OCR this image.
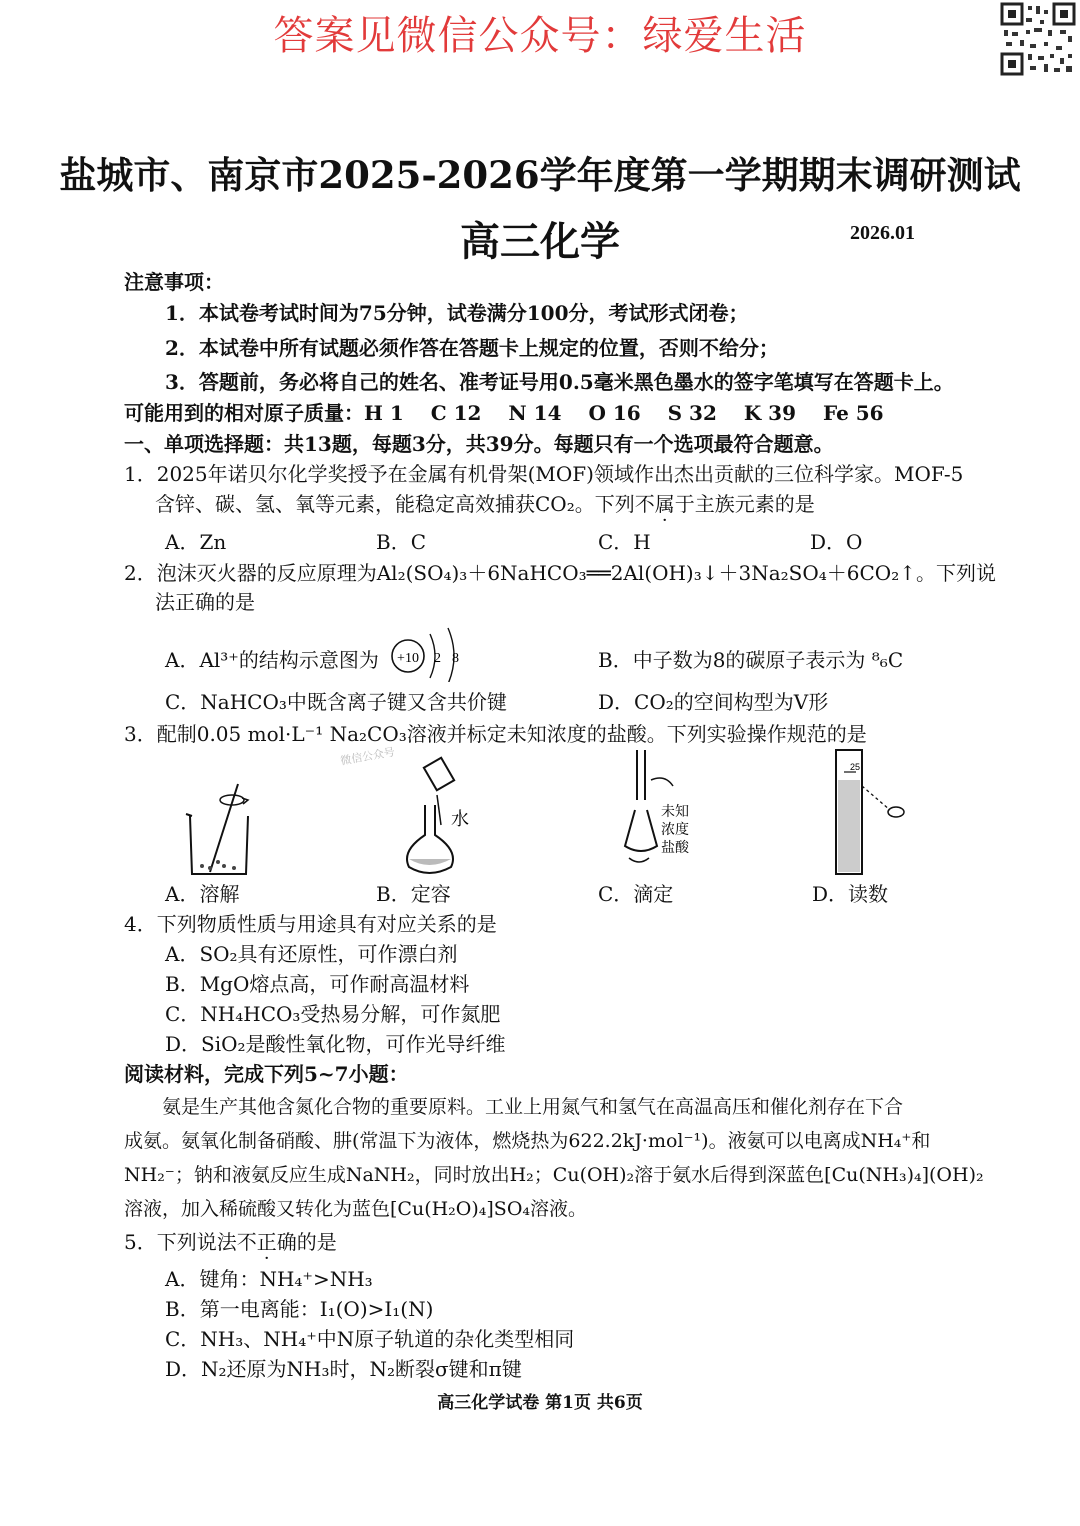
答案见微信公众号：绿爱生活
盐城市、南京市2025-2026学年度第一学期期末调研测试
高三化学	2026.01
注意事项：
1．本试卷考试时间为75分钟，试卷满分100分，考试形式闭卷；
2．本试卷中所有试题必须作答在答题卡上规定的位置，否则不给分；
3．答题前，务必将自己的姓名、准考证号用0.5毫米黑色墨水的签字笔填写在答题卡上。
可能用到的相对原子质量：H 1　 C 12　 N 14　 O 16　 S 32　 K 39　 Fe 56
一、单项选择题：共13题，每题3分，共39分。每题只有一个选项最符合题意。
1．2025年诺贝尔化学奖授予在金属有机骨架(MOF)领域作出杰出贡献的三位科学家。MOF-5
含锌、碳、氢、氧等元素，能稳定高效捕获CO₂。下列不属于主族元素的是
A．Zn	B．C	C．H	D．O
2．泡沫灭火器的反应原理为Al₂(SO₄)₃＋6NaHCO₃══2Al(OH)₃↓＋3Na₂SO₄＋6CO₂↑。下列说
法正确的是
A．Al³⁺的结构示意图为 +10 2 8	B．中子数为8的碳原子表示为 ⁸₆C
C．NaHCO₃中既含离子键又含共价键	D．CO₂的空间构型为V形
3．配制0.05 mol·L⁻¹ Na₂CO₃溶液并标定未知浓度的盐酸。下列实验操作规范的是
微信公众号
水	未知
浓度
盐酸
25
A．溶解	B．定容	C．滴定	D．读数
4．下列物质性质与用途具有对应关系的是
A．SO₂具有还原性，可作漂白剂
B．MgO熔点高，可作耐高温材料
C．NH₄HCO₃受热易分解，可作氮肥
D．SiO₂是酸性氧化物，可作光导纤维
阅读材料，完成下列5~7小题：
　　氨是生产其他含氮化合物的重要原料。工业上用氮气和氢气在高温高压和催化剂存在下合
成氨。氨氧化制备硝酸、肼(常温下为液体，燃烧热为622.2kJ·mol⁻¹)。液氨可以电离成NH₄⁺和
NH₂⁻；钠和液氨反应生成NaNH₂，同时放出H₂；Cu(OH)₂溶于氨水后得到深蓝色[Cu(NH₃)₄](OH)₂
溶液，加入稀硫酸又转化为蓝色[Cu(H₂O)₄]SO₄溶液。
5．下列说法不正确的是
A．键角：NH₄⁺>NH₃
B．第一电离能：I₁(O)>I₁(N)
C．NH₃、NH₄⁺中N原子轨道的杂化类型相同
D．N₂还原为NH₃时，N₂断裂σ键和π键
高三化学试卷 第1页 共6页
